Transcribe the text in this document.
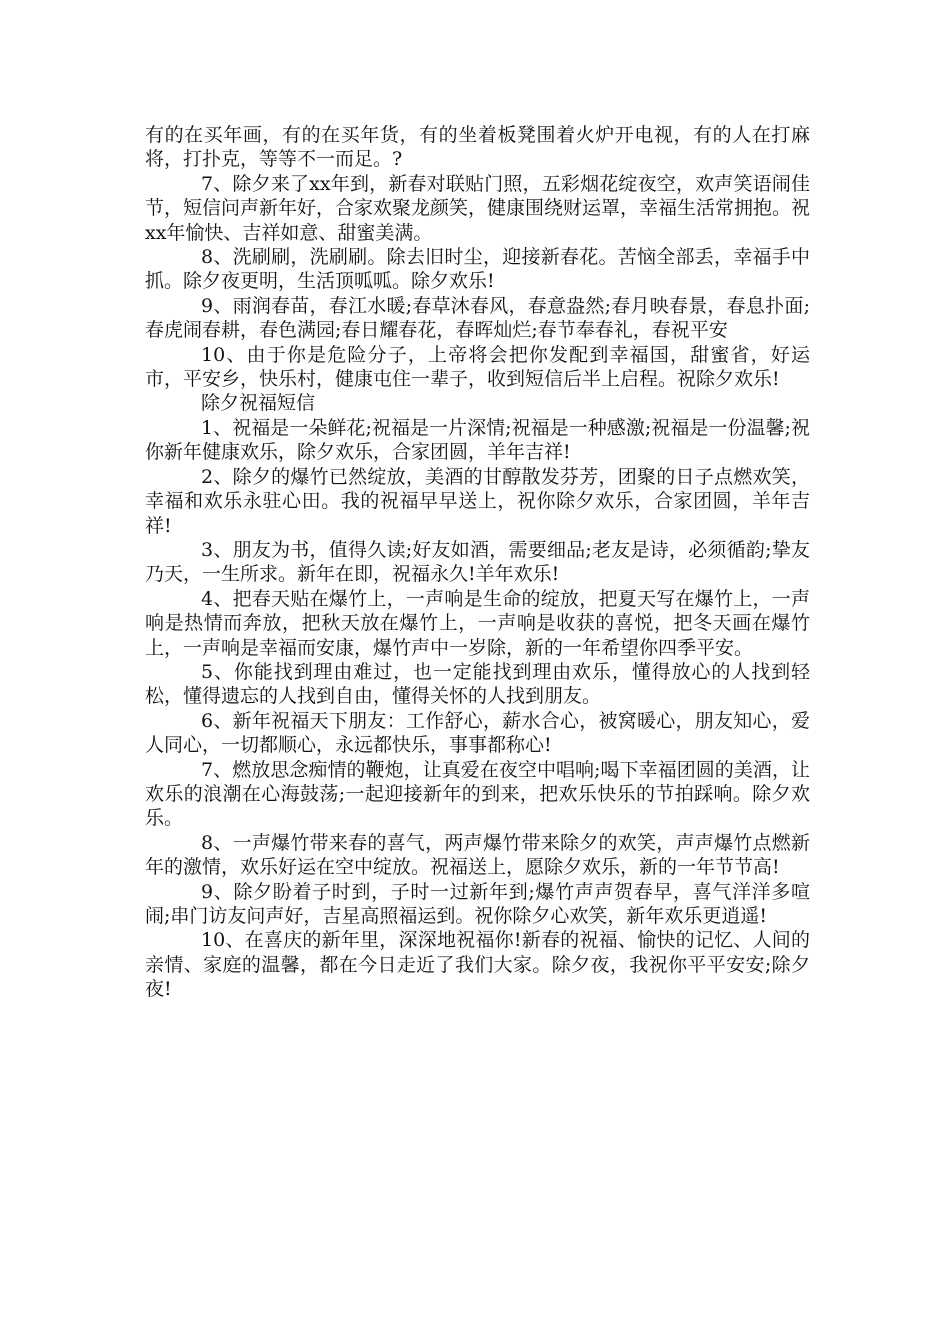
有的在买年画，有的在买年货，有的坐着板凳围着火炉开电视，有的人在打麻将，打扑克，等等不一而足。?

7、除夕来了xx年到，新春对联贴门照，五彩烟花绽夜空，欢声笑语闹佳节，短信问声新年好，合家欢聚龙颜笑，健康围绕财运罩，幸福生活常拥抱。祝xx年愉快、吉祥如意、甜蜜美满。

8、洗刷刷，洗刷刷。除去旧时尘，迎接新春花。苦恼全部丢，幸福手中抓。除夕夜更明，生活顶呱呱。除夕欢乐!

9、雨润春苗，春江水暖;春草沐春风，春意盎然;春月映春景，春息扑面;春虎闹春耕，春色满园;春日耀春花，春晖灿烂;春节奉春礼，春祝平安

10、由于你是危险分子，上帝将会把你发配到幸福国，甜蜜省，好运市，平安乡，快乐村，健康屯住一辈子，收到短信后半上启程。祝除夕欢乐!

除夕祝福短信

1、祝福是一朵鲜花;祝福是一片深情;祝福是一种感激;祝福是一份温馨;祝你新年健康欢乐，除夕欢乐，合家团圆，羊年吉祥!

2、除夕的爆竹已然绽放，美酒的甘醇散发芬芳，团聚的日子点燃欢笑，幸福和欢乐永驻心田。我的祝福早早送上，祝你除夕欢乐，合家团圆，羊年吉祥!

3、朋友为书，值得久读;好友如酒，需要细品;老友是诗，必须循韵;挚友乃天，一生所求。新年在即，祝福永久!羊年欢乐!

4、把春天贴在爆竹上，一声响是生命的绽放，把夏天写在爆竹上，一声响是热情而奔放，把秋天放在爆竹上，一声响是收获的喜悦，把冬天画在爆竹上，一声响是幸福而安康，爆竹声中一岁除，新的一年希望你四季平安。

5、你能找到理由难过，也一定能找到理由欢乐，懂得放心的人找到轻松，懂得遗忘的人找到自由，懂得关怀的人找到朋友。

6、新年祝福天下朋友：工作舒心，薪水合心，被窝暖心，朋友知心，爱人同心，一切都顺心，永远都快乐，事事都称心!

7、燃放思念痴情的鞭炮，让真爱在夜空中唱响;喝下幸福团圆的美酒，让欢乐的浪潮在心海鼓荡;一起迎接新年的到来，把欢乐快乐的节拍踩响。除夕欢乐。

8、一声爆竹带来春的喜气，两声爆竹带来除夕的欢笑，声声爆竹点燃新年的激情，欢乐好运在空中绽放。祝福送上，愿除夕欢乐，新的一年节节高!

9、除夕盼着子时到，子时一过新年到;爆竹声声贺春早，喜气洋洋多喧闹;串门访友问声好，吉星高照福运到。祝你除夕心欢笑，新年欢乐更逍遥!

10、在喜庆的新年里，深深地祝福你!新春的祝福、愉快的记忆、人间的亲情、家庭的温馨，都在今日走近了我们大家。除夕夜，我祝你平平安安;除夕夜!
